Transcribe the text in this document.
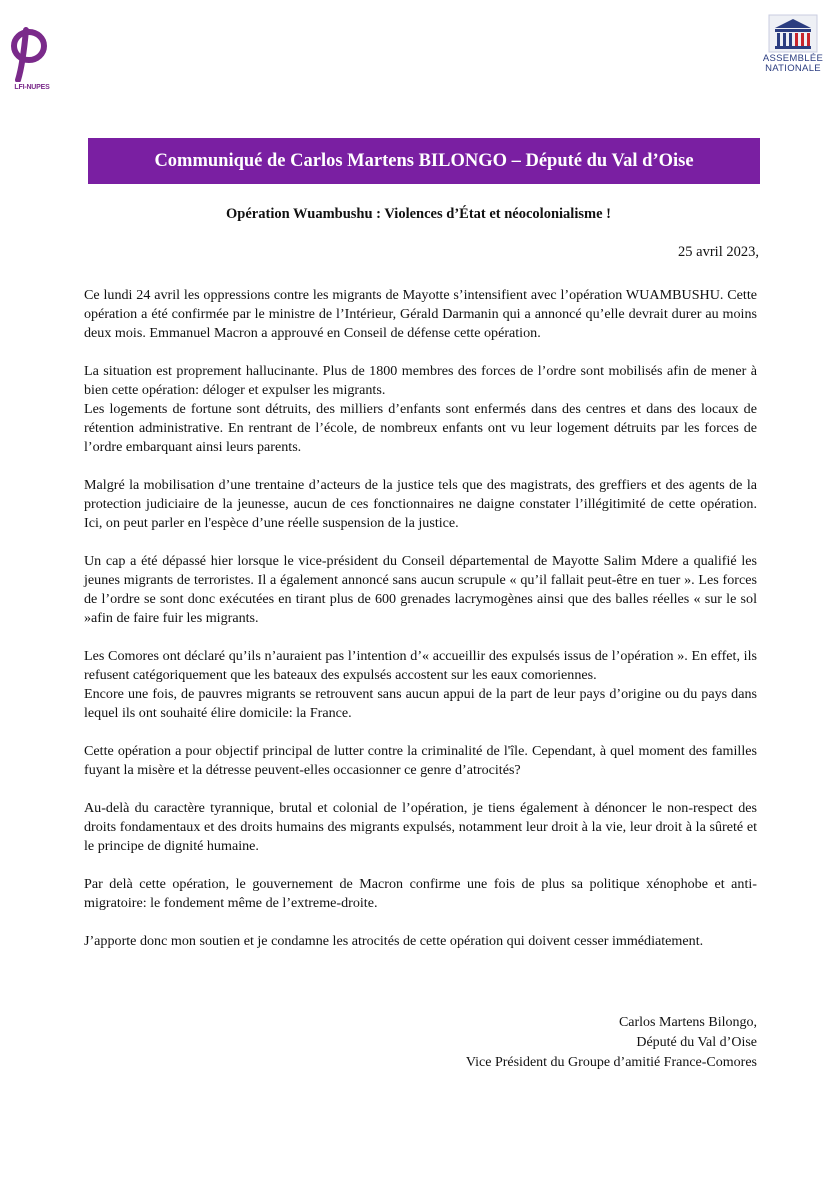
LFI-NUPES
ASSEMBLÉE
NATIONALE
Communiqué de Carlos Martens BILONGO – Député du Val d’Oise
Opération Wuambushu : Violences d’État et néocolonialisme !
25 avril 2023,

Ce lundi 24 avril les oppressions contre les migrants de Mayotte s’intensifient avec l’opération WUAMBUSHU. Cette opération a été confirmée par le ministre de l’Intérieur, Gérald Darmanin qui a annoncé qu’elle devrait durer au moins deux mois. Emmanuel Macron a approuvé en Conseil de défense cette opération.

La situation est proprement hallucinante. Plus de 1800 membres des forces de l’ordre sont mobilisés afin de mener à bien cette opération: déloger et expulser les migrants.
Les logements de fortune sont détruits, des milliers d’enfants sont enfermés dans des centres et dans des locaux de rétention administrative. En rentrant de l’école, de nombreux enfants ont vu leur logement détruits par les forces de l’ordre embarquant ainsi leurs parents.

Malgré la mobilisation d’une trentaine d’acteurs de la justice tels que des magistrats, des greffiers et des agents de la protection judiciaire de la jeunesse, aucun de ces fonctionnaires ne daigne constater l’illégitimité de cette opération. Ici, on peut parler en l'espèce d’une réelle suspension de la justice.

Un cap a été dépassé hier lorsque le vice-président du Conseil départemental de Mayotte Salim Mdere a qualifié les jeunes migrants de terroristes. Il a également annoncé sans aucun scrupule « qu’il fallait peut-être en tuer ». Les forces de l’ordre se sont donc exécutées en tirant plus de 600 grenades lacrymogènes ainsi que des balles réelles « sur le sol »afin de faire fuir les migrants.

Les Comores ont déclaré qu’ils n’auraient pas l’intention d’« accueillir des expulsés issus de l’opération ». En effet, ils refusent catégoriquement que les bateaux des expulsés accostent sur les eaux comoriennes.
Encore une fois, de pauvres migrants se retrouvent sans aucun appui de la part de leur pays d’origine ou du pays dans lequel ils ont souhaité élire domicile: la France.

Cette opération a pour objectif principal de lutter contre la criminalité de l'île. Cependant, à quel moment des familles fuyant la misère et la détresse peuvent-elles occasionner ce genre d’atrocités?

Au-delà du caractère tyrannique, brutal et colonial de l’opération, je tiens également à dénoncer le non-respect des droits fondamentaux et des droits humains des migrants expulsés, notamment leur droit à la vie, leur droit à la sûreté et le principe de dignité humaine.

Par delà cette opération, le gouvernement de Macron confirme une fois de plus sa politique xénophobe et anti-migratoire: le fondement même de l’extreme-droite.

J’apporte donc mon soutien et je condamne les atrocités de cette opération qui doivent cesser immédiatement.

Carlos Martens Bilongo,
Député du Val d’Oise
Vice Président du Groupe d’amitié France-Comores
